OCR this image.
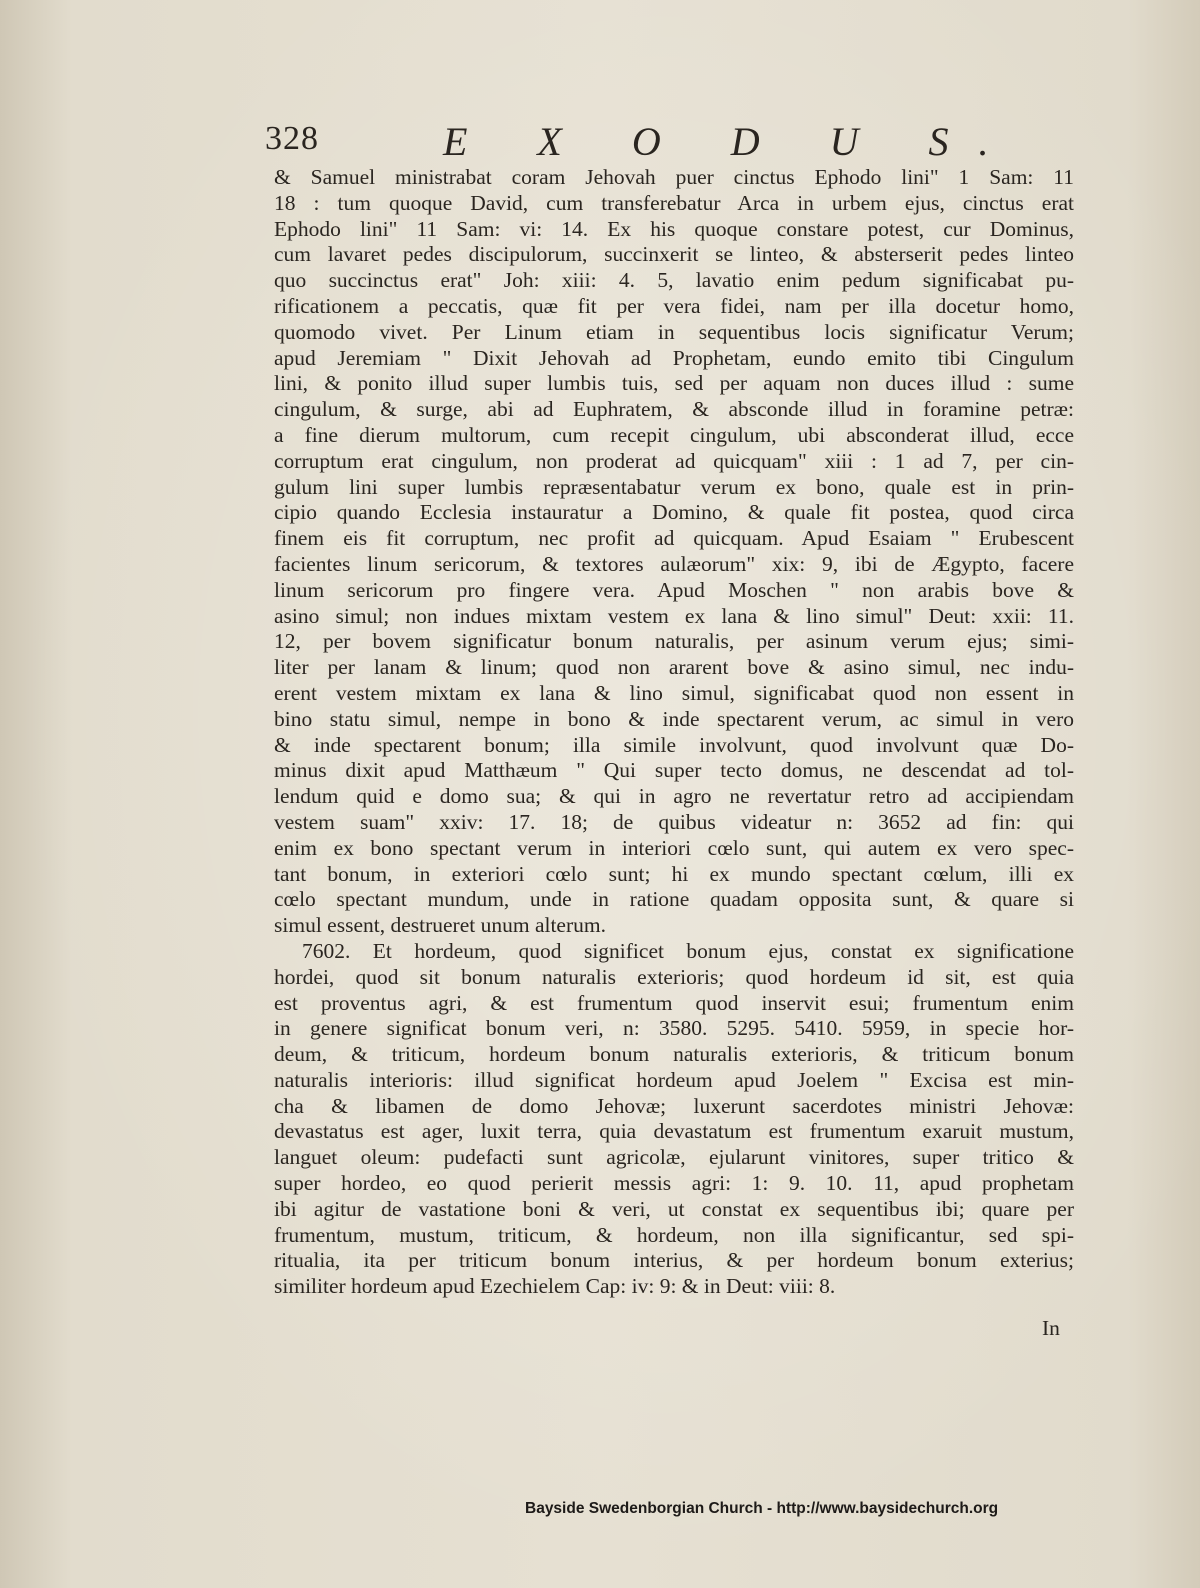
328	E X O D U S.
& Samuel ministrabat coram Jehovah puer cinctus Ephodo lini" 1 Sam: 11
18 : tum quoque David, cum transferebatur Arca in urbem ejus, cinctus erat
Ephodo lini" 11 Sam: vi: 14. Ex his quoque constare potest, cur Dominus,
cum lavaret pedes discipulorum, succinxerit se linteo, & absterserit pedes linteo
quo succinctus erat" Joh: xiii: 4. 5, lavatio enim pedum significabat pu-
rificationem a peccatis, quæ fit per vera fidei, nam per illa docetur homo,
quomodo vivet. Per Linum etiam in sequentibus locis significatur Verum;
apud Jeremiam " Dixit Jehovah ad Prophetam, eundo emito tibi Cingulum
lini, & ponito illud super lumbis tuis, sed per aquam non duces illud : sume
cingulum, & surge, abi ad Euphratem, & absconde illud in foramine petræ:
a fine dierum multorum, cum recepit cingulum, ubi absconderat illud, ecce
corruptum erat cingulum, non proderat ad quicquam" xiii : 1 ad 7, per cin-
gulum lini super lumbis repræsentabatur verum ex bono, quale est in prin-
cipio quando Ecclesia instauratur a Domino, & quale fit postea, quod circa
finem eis fit corruptum, nec profit ad quicquam. Apud Esaiam " Erubescent
facientes linum sericorum, & textores aulæorum" xix: 9, ibi de Ægypto, facere
linum sericorum pro fingere vera. Apud Moschen " non arabis bove &
asino simul; non indues mixtam vestem ex lana & lino simul" Deut: xxii: 11.
12, per bovem significatur bonum naturalis, per asinum verum ejus; simi-
liter per lanam & linum; quod non ararent bove & asino simul, nec indu-
erent vestem mixtam ex lana & lino simul, significabat quod non essent in
bino statu simul, nempe in bono & inde spectarent verum, ac simul in vero
& inde spectarent bonum; illa simile involvunt, quod involvunt quæ Do-
minus dixit apud Matthæum " Qui super tecto domus, ne descendat ad tol-
lendum quid e domo sua; & qui in agro ne revertatur retro ad accipiendam
vestem suam" xxiv: 17. 18; de quibus videatur n: 3652 ad fin: qui
enim ex bono spectant verum in interiori cœlo sunt, qui autem ex vero spec-
tant bonum, in exteriori cœlo sunt; hi ex mundo spectant cœlum, illi ex
cœlo spectant mundum, unde in ratione quadam opposita sunt, & quare si
simul essent, destrueret unum alterum.
7602. Et hordeum, quod significet bonum ejus, constat ex significatione
hordei, quod sit bonum naturalis exterioris; quod hordeum id sit, est quia
est proventus agri, & est frumentum quod inservit esui; frumentum enim
in genere significat bonum veri, n: 3580. 5295. 5410. 5959, in specie hor-
deum, & triticum, hordeum bonum naturalis exterioris, & triticum bonum
naturalis interioris: illud significat hordeum apud Joelem " Excisa est min-
cha & libamen de domo Jehovæ; luxerunt sacerdotes ministri Jehovæ:
devastatus est ager, luxit terra, quia devastatum est frumentum exaruit mustum,
languet oleum: pudefacti sunt agricolæ, ejularunt vinitores, super tritico &
super hordeo, eo quod perierit messis agri: 1: 9. 10. 11, apud prophetam
ibi agitur de vastatione boni & veri, ut constat ex sequentibus ibi; quare per
frumentum, mustum, triticum, & hordeum, non illa significantur, sed spi-
ritualia, ita per triticum bonum interius, & per hordeum bonum exterius;
similiter hordeum apud Ezechielem Cap: iv: 9: & in Deut: viii: 8.
In
Bayside Swedenborgian Church - http://www.baysidechurch.org
